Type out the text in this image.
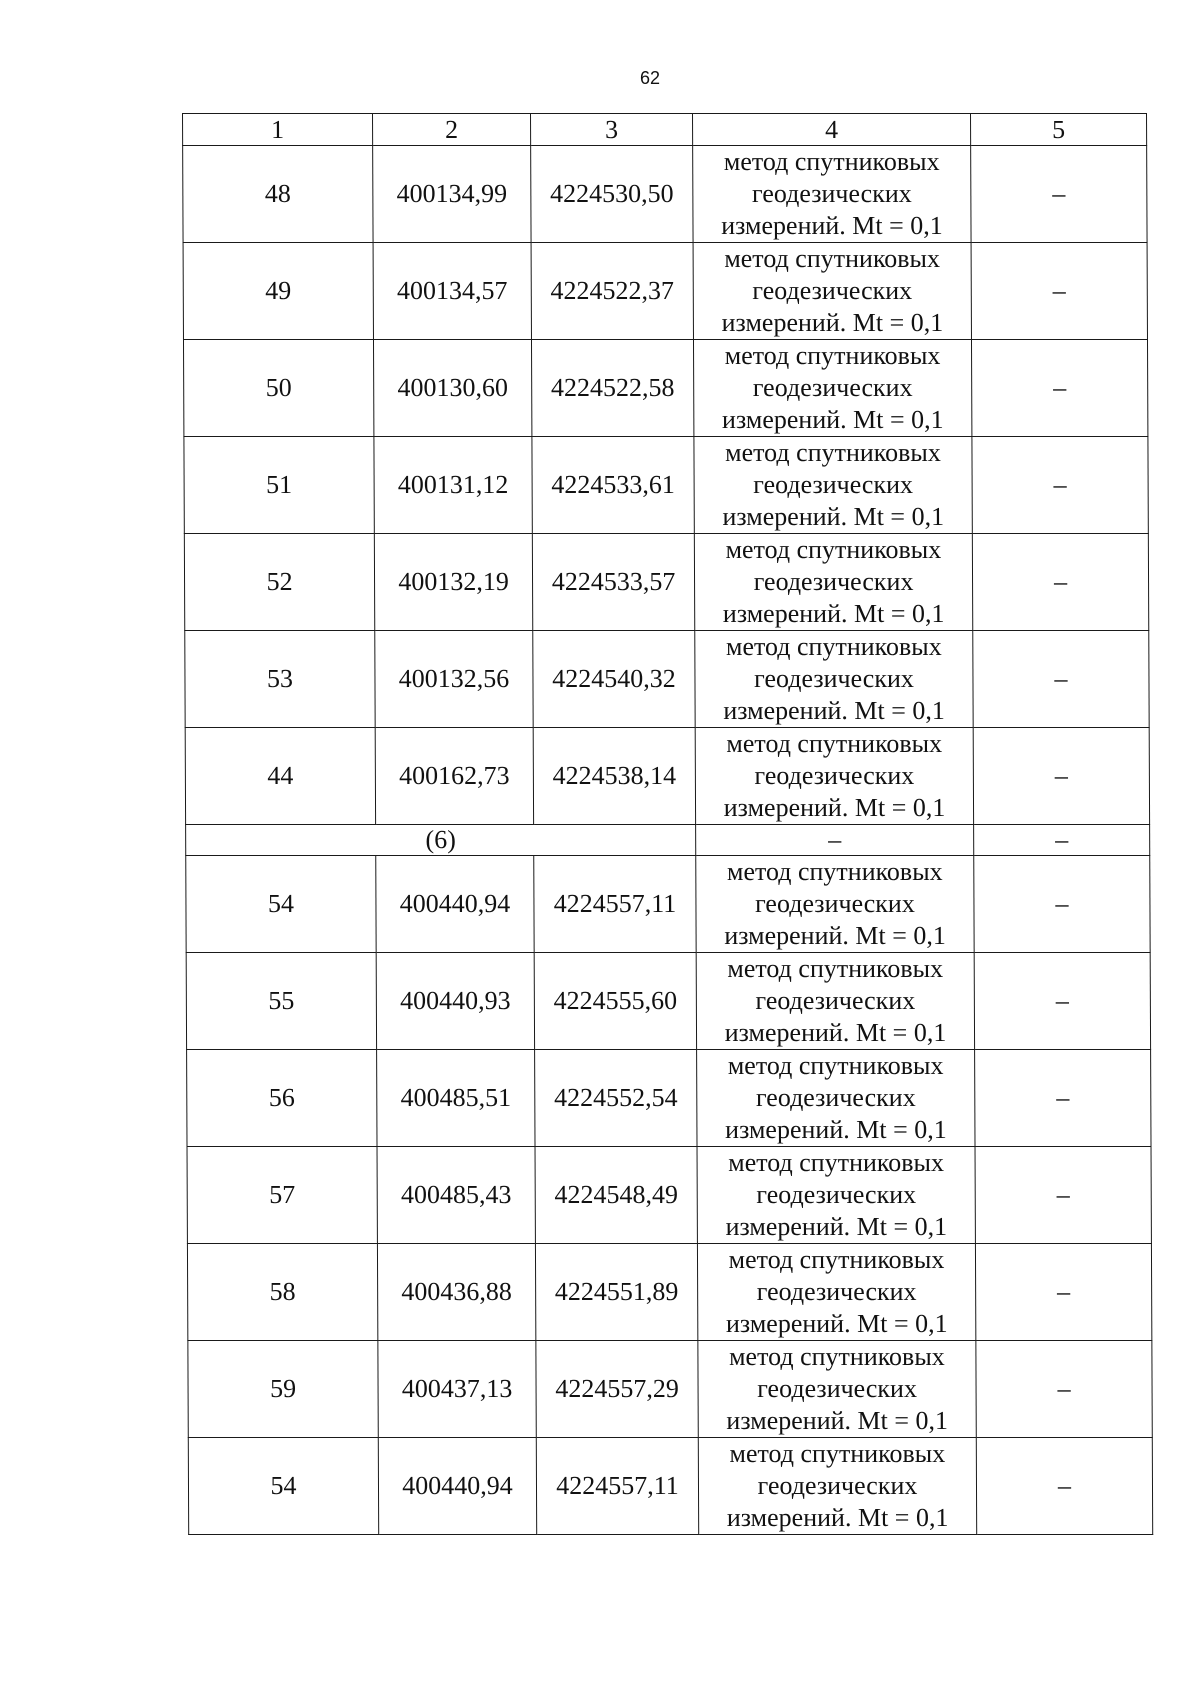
62
1	2	3	4	5
48	400134,99	4224530,50	метод спутниковых геодезических измерений. Mt = 0,1	–
49	400134,57	4224522,37	метод спутниковых геодезических измерений. Mt = 0,1	–
50	400130,60	4224522,58	метод спутниковых геодезических измерений. Mt = 0,1	–
51	400131,12	4224533,61	метод спутниковых геодезических измерений. Mt = 0,1	–
52	400132,19	4224533,57	метод спутниковых геодезических измерений. Mt = 0,1	–
53	400132,56	4224540,32	метод спутниковых геодезических измерений. Mt = 0,1	–
44	400162,73	4224538,14	метод спутниковых геодезических измерений. Mt = 0,1	–
(6)			–	–
54	400440,94	4224557,11	метод спутниковых геодезических измерений. Mt = 0,1	–
55	400440,93	4224555,60	метод спутниковых геодезических измерений. Mt = 0,1	–
56	400485,51	4224552,54	метод спутниковых геодезических измерений. Mt = 0,1	–
57	400485,43	4224548,49	метод спутниковых геодезических измерений. Mt = 0,1	–
58	400436,88	4224551,89	метод спутниковых геодезических измерений. Mt = 0,1	–
59	400437,13	4224557,29	метод спутниковых геодезических измерений. Mt = 0,1	–
54	400440,94	4224557,11	метод спутниковых геодезических измерений. Mt = 0,1	–
